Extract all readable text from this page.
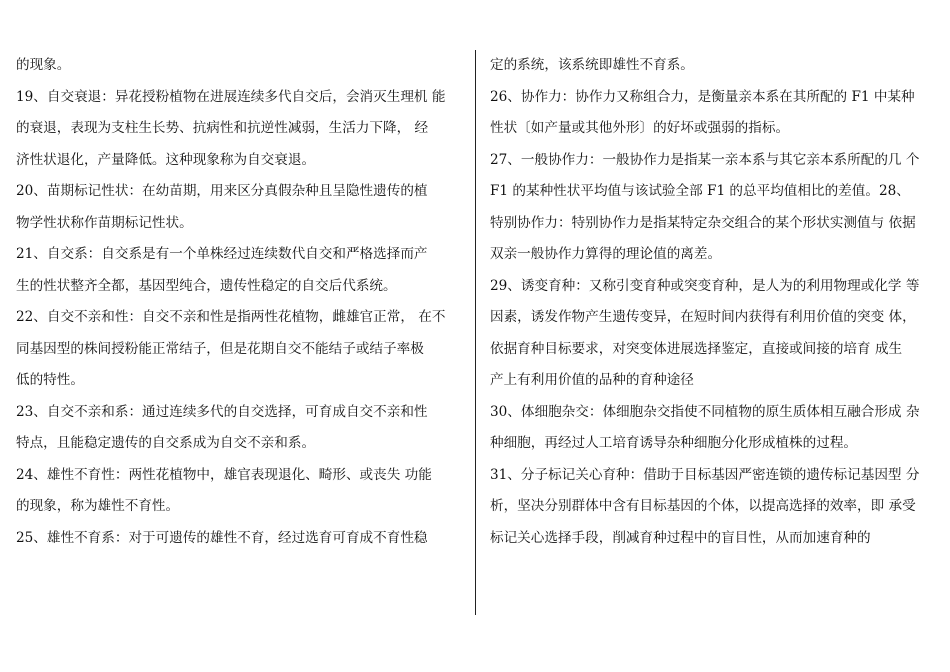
的现象。
19、自交衰退：异花授粉植物在进展连续多代自交后，会消灭生理机 能
的衰退，表现为支柱生长势、抗病性和抗逆性减弱，生活力下降， 经
济性状退化，产量降低。这种现象称为自交衰退。
20、苗期标记性状：在幼苗期，用来区分真假杂种且呈隐性遗传的植
物学性状称作苗期标记性状。
21、自交系：自交系是有一个单株经过连续数代自交和严格选择而产
生的性状整齐全都，基因型纯合，遗传性稳定的自交后代系统。
22、自交不亲和性：自交不亲和性是指两性花植物，雌雄官正常， 在不
同基因型的株间授粉能正常结子，但是花期自交不能结子或结子率极
低的特性。
23、自交不亲和系：通过连续多代的自交选择，可育成自交不亲和性
特点，且能稳定遗传的自交系成为自交不亲和系。
24、雄性不育性：两性花植物中，雄官表现退化、畸形、或丧失 功能
的现象，称为雄性不育性。
25、雄性不育系：对于可遗传的雄性不育，经过选育可育成不育性稳
定的系统，该系统即雄性不育系。
26、协作力：协作力又称组合力，是衡量亲本系在其所配的 F1 中某种
性状〔如产量或其他外形〕的好坏或强弱的指标。
27、一般协作力：一般协作力是指某一亲本系与其它亲本系所配的几 个
F1 的某种性状平均值与该试验全部 F1 的总平均值相比的差值。28、
特别协作力：特别协作力是指某特定杂交组合的某个形状实测值与 依据
双亲一般协作力算得的理论值的离差。
29、诱变育种：又称引变育种或突变育种，是人为的利用物理或化学 等
因素，诱发作物产生遗传变异，在短时间内获得有利用价值的突变 体，
依据育种目标要求，对突变体进展选择鉴定，直接或间接的培育 成生
产上有利用价值的品种的育种途径
30、体细胞杂交：体细胞杂交指使不同植物的原生质体相互融合形成 杂
种细胞，再经过人工培育诱导杂种细胞分化形成植株的过程。
31、分子标记关心育种：借助于目标基因严密连锁的遗传标记基因型 分
析，坚决分别群体中含有目标基因的个体，以提高选择的效率，即 承受
标记关心选择手段，削减育种过程中的盲目性，从而加速育种的
